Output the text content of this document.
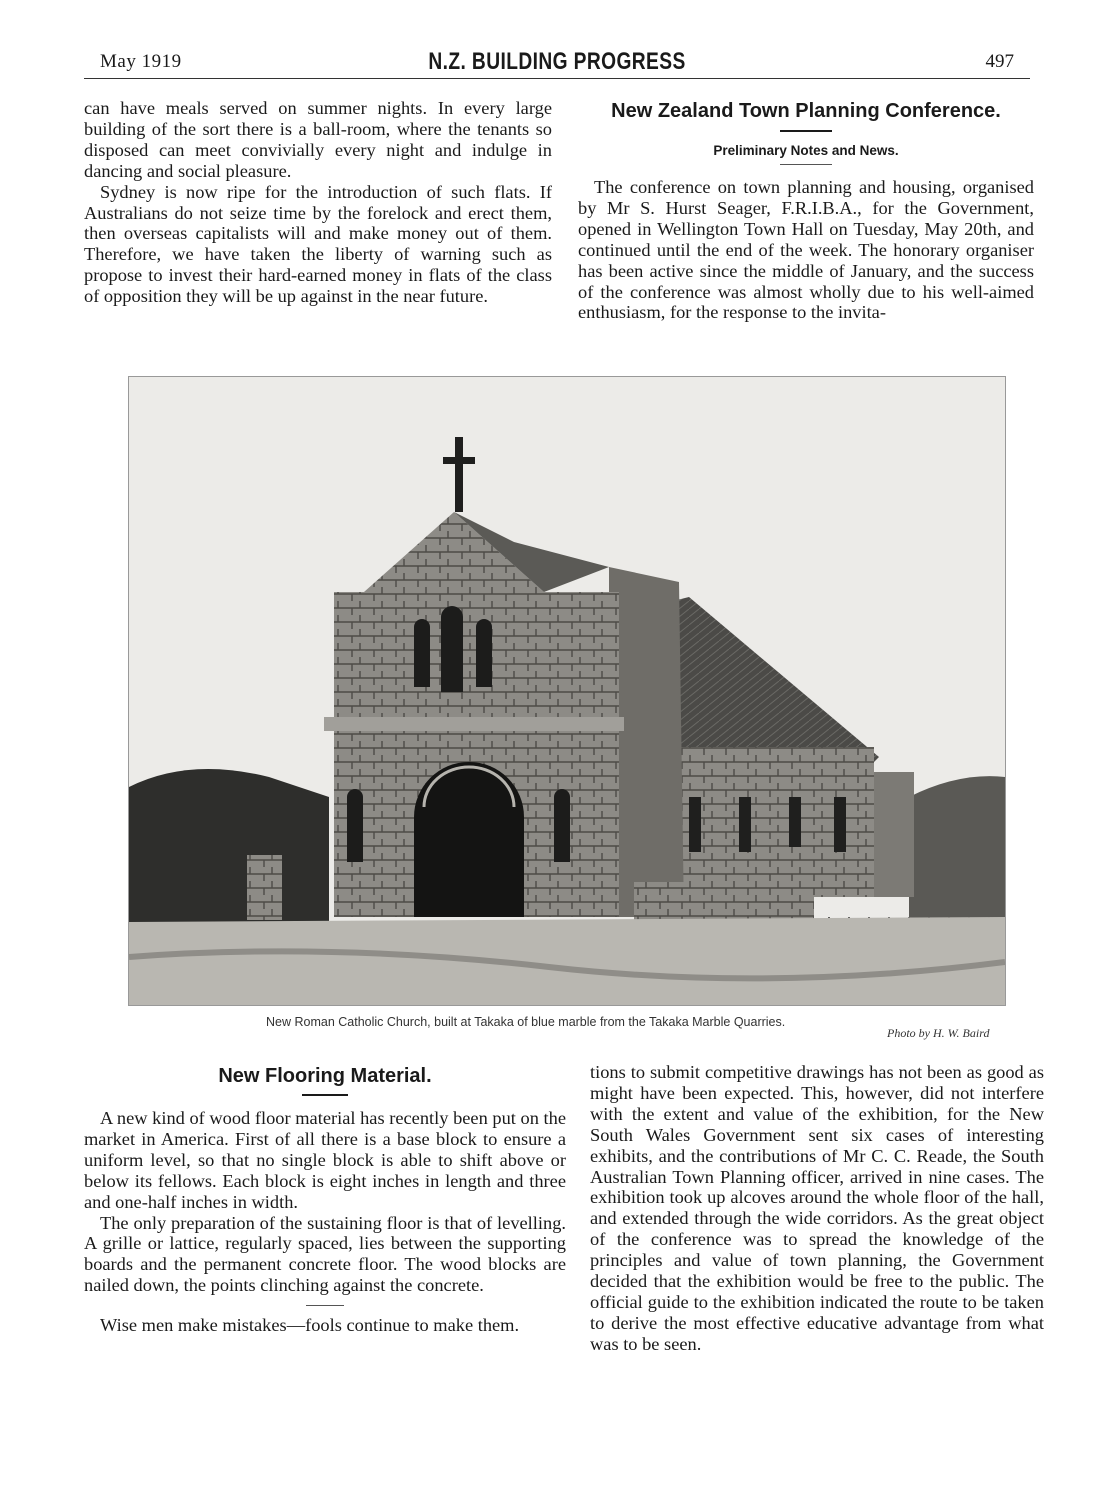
May 1919	N.Z. BUILDING PROGRESS	497

can have meals served on summer nights. In every large building of the sort there is a ball-room, where the tenants so disposed can meet convivially every night and indulge in dancing and social pleasure.

Sydney is now ripe for the introduction of such flats. If Australians do not seize time by the forelock and erect them, then overseas capitalists will and make money out of them. Therefore, we have taken the liberty of warning such as propose to invest their hard-earned money in flats of the class of opposition they will be up against in the near future.

New Zealand Town Planning Conference.
Preliminary Notes and News.

The conference on town planning and housing, organised by Mr S. Hurst Seager, F.R.I.B.A., for the Government, opened in Wellington Town Hall on Tuesday, May 20th, and continued until the end of the week. The honorary organiser has been active since the middle of January, and the success of the conference was almost wholly due to his well-aimed enthusiasm, for the response to the invita-

New Roman Catholic Church, built at Takaka of blue marble from the Takaka Marble Quarries.
Photo by H. W. Baird
New Flooring Material.

A new kind of wood floor material has recently been put on the market in America. First of all there is a base block to ensure a uniform level, so that no single block is able to shift above or below its fellows. Each block is eight inches in length and three and one-half inches in width.

The only preparation of the sustaining floor is that of levelling. A grille or lattice, regularly spaced, lies between the supporting boards and the permanent concrete floor. The wood blocks are nailed down, the points clinching against the concrete.

Wise men make mistakes—fools continue to make them.

tions to submit competitive drawings has not been as good as might have been expected. This, however, did not interfere with the extent and value of the exhibition, for the New South Wales Government sent six cases of interesting exhibits, and the contributions of Mr C. C. Reade, the South Australian Town Planning officer, arrived in nine cases. The exhibition took up alcoves around the whole floor of the hall, and extended through the wide corridors. As the great object of the conference was to spread the knowledge of the principles and value of town planning, the Government decided that the exhibition would be free to the public. The official guide to the exhibition indicated the route to be taken to derive the most effective educative advantage from what was to be seen.
